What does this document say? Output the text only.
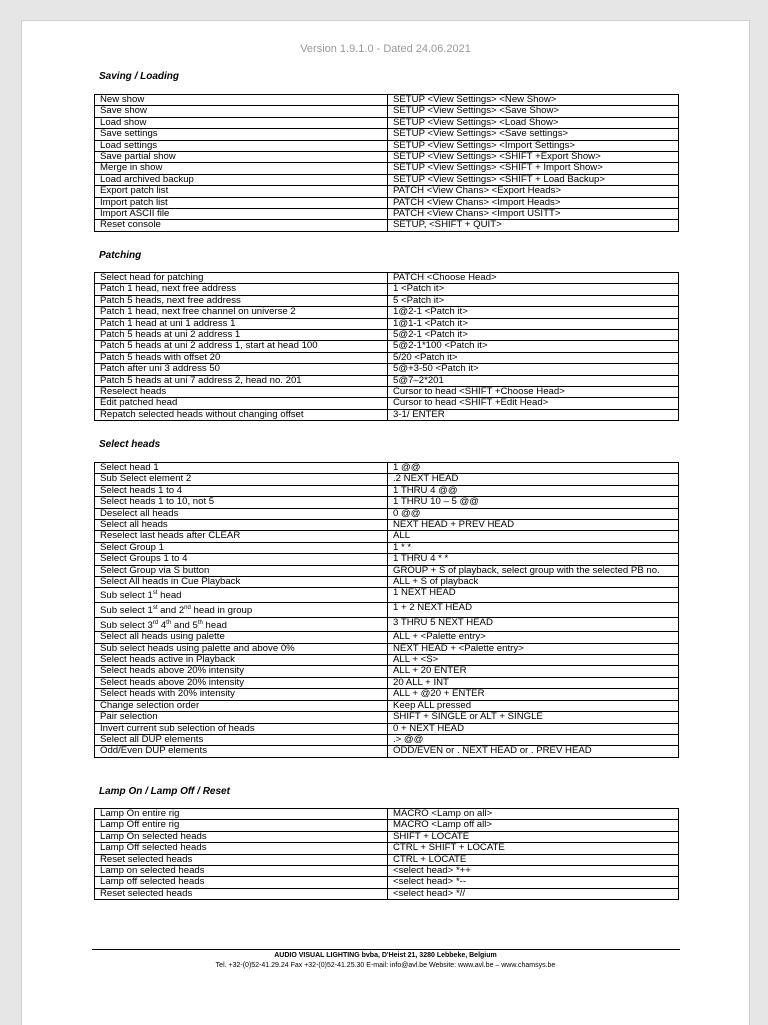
Version 1.9.1.0 - Dated 24.06.2021
Saving / Loading
New show	SETUP <View Settings> <New Show>
Save show	SETUP <View Settings> <Save Show>
Load show	SETUP <View Settings> <Load Show>
Save settings	SETUP <View Settings> <Save settings>
Load settings	SETUP <View Settings> <Import Settings>
Save partial show	SETUP <View Settings> <SHIFT +Export Show>
Merge in show	SETUP <View Settings> <SHIFT + Import Show>
Load archived backup	SETUP <View Settings> <SHIFT + Load Backup>
Export patch list	PATCH <View Chans> <Export Heads>
Import patch list	PATCH <View Chans> <Import Heads>
Import ASCII file	PATCH <View Chans> <Import USITT>
Reset console	SETUP, <SHIFT + QUIT>
Patching
Select head for patching	PATCH <Choose Head>
Patch 1 head, next free address	1 <Patch it>
Patch 5 heads, next free address	5 <Patch it>
Patch 1 head, next free channel on universe 2	1@2-1 <Patch it>
Patch 1 head at uni 1 address 1	1@1-1 <Patch it>
Patch 5 heads at uni 2 address 1	5@2-1 <Patch it>
Patch 5 heads at uni 2 address 1, start at head 100	5@2-1*100 <Patch it>
Patch 5 heads with offset 20	5/20 <Patch it>
Patch after uni 3 address 50	5@+3-50 <Patch it>
Patch 5 heads at uni 7 address 2, head no. 201	5@7–2*201
Reselect heads	Cursor to head <SHIFT +Choose Head>
Edit patched head	Cursor to head <SHIFT +Edit Head>
Repatch selected heads without changing offset	3-1/ ENTER
Select heads
Select head 1	1 @@
Sub Select element 2	.2 NEXT HEAD
Select heads 1 to 4	1 THRU 4 @@
Select heads 1 to 10, not 5	1 THRU 10 – 5 @@
Deselect all heads	0 @@
Select all heads	NEXT HEAD + PREV HEAD
Reselect last heads after CLEAR	ALL
Select Group 1	1 * *
Select Groups 1 to 4	1 THRU 4 * *
Select Group via S button	GROUP + S of playback, select group with the selected PB no.
Select All heads in Cue Playback	ALL + S of playback
Sub select 1st head	1 NEXT HEAD
Sub select 1st and 2nd head in group	1 + 2 NEXT HEAD
Sub select 3rd 4th and 5th head	3 THRU 5 NEXT HEAD
Select all heads using palette	ALL + <Palette entry>
Sub select heads using palette and above 0%	NEXT HEAD + <Palette entry>
Select heads active in Playback	ALL + <S>
Select heads above 20% intensity	ALL + 20 ENTER
Select heads above 20% intensity	20 ALL + INT
Select heads with 20% intensity	ALL + @20 + ENTER
Change selection order	Keep ALL pressed
Pair selection	SHIFT + SINGLE or ALT + SINGLE
Invert current sub selection of heads	0 + NEXT HEAD
Select all DUP elements	.> @@
Odd/Even DUP elements	ODD/EVEN or . NEXT HEAD or . PREV HEAD
Lamp On / Lamp Off / Reset
Lamp On entire rig	MACRO <Lamp on all>
Lamp Off entire rig	MACRO <Lamp off all>
Lamp On selected heads	SHIFT + LOCATE
Lamp Off selected heads	CTRL + SHIFT + LOCATE
Reset selected heads	CTRL + LOCATE
Lamp on selected heads	<select head> *++
Lamp off selected heads	<select head> *--
Reset selected heads	<select head> *//
AUDIO VISUAL LIGHTING bvba, D'Heist 21, 3280 Lebbeke, Belgium
Tel. +32-(0)52-41.29.24 Fax +32-(0)52-41.25.30 E-mail: info@avl.be Website: www.avl.be – www.chamsys.be
